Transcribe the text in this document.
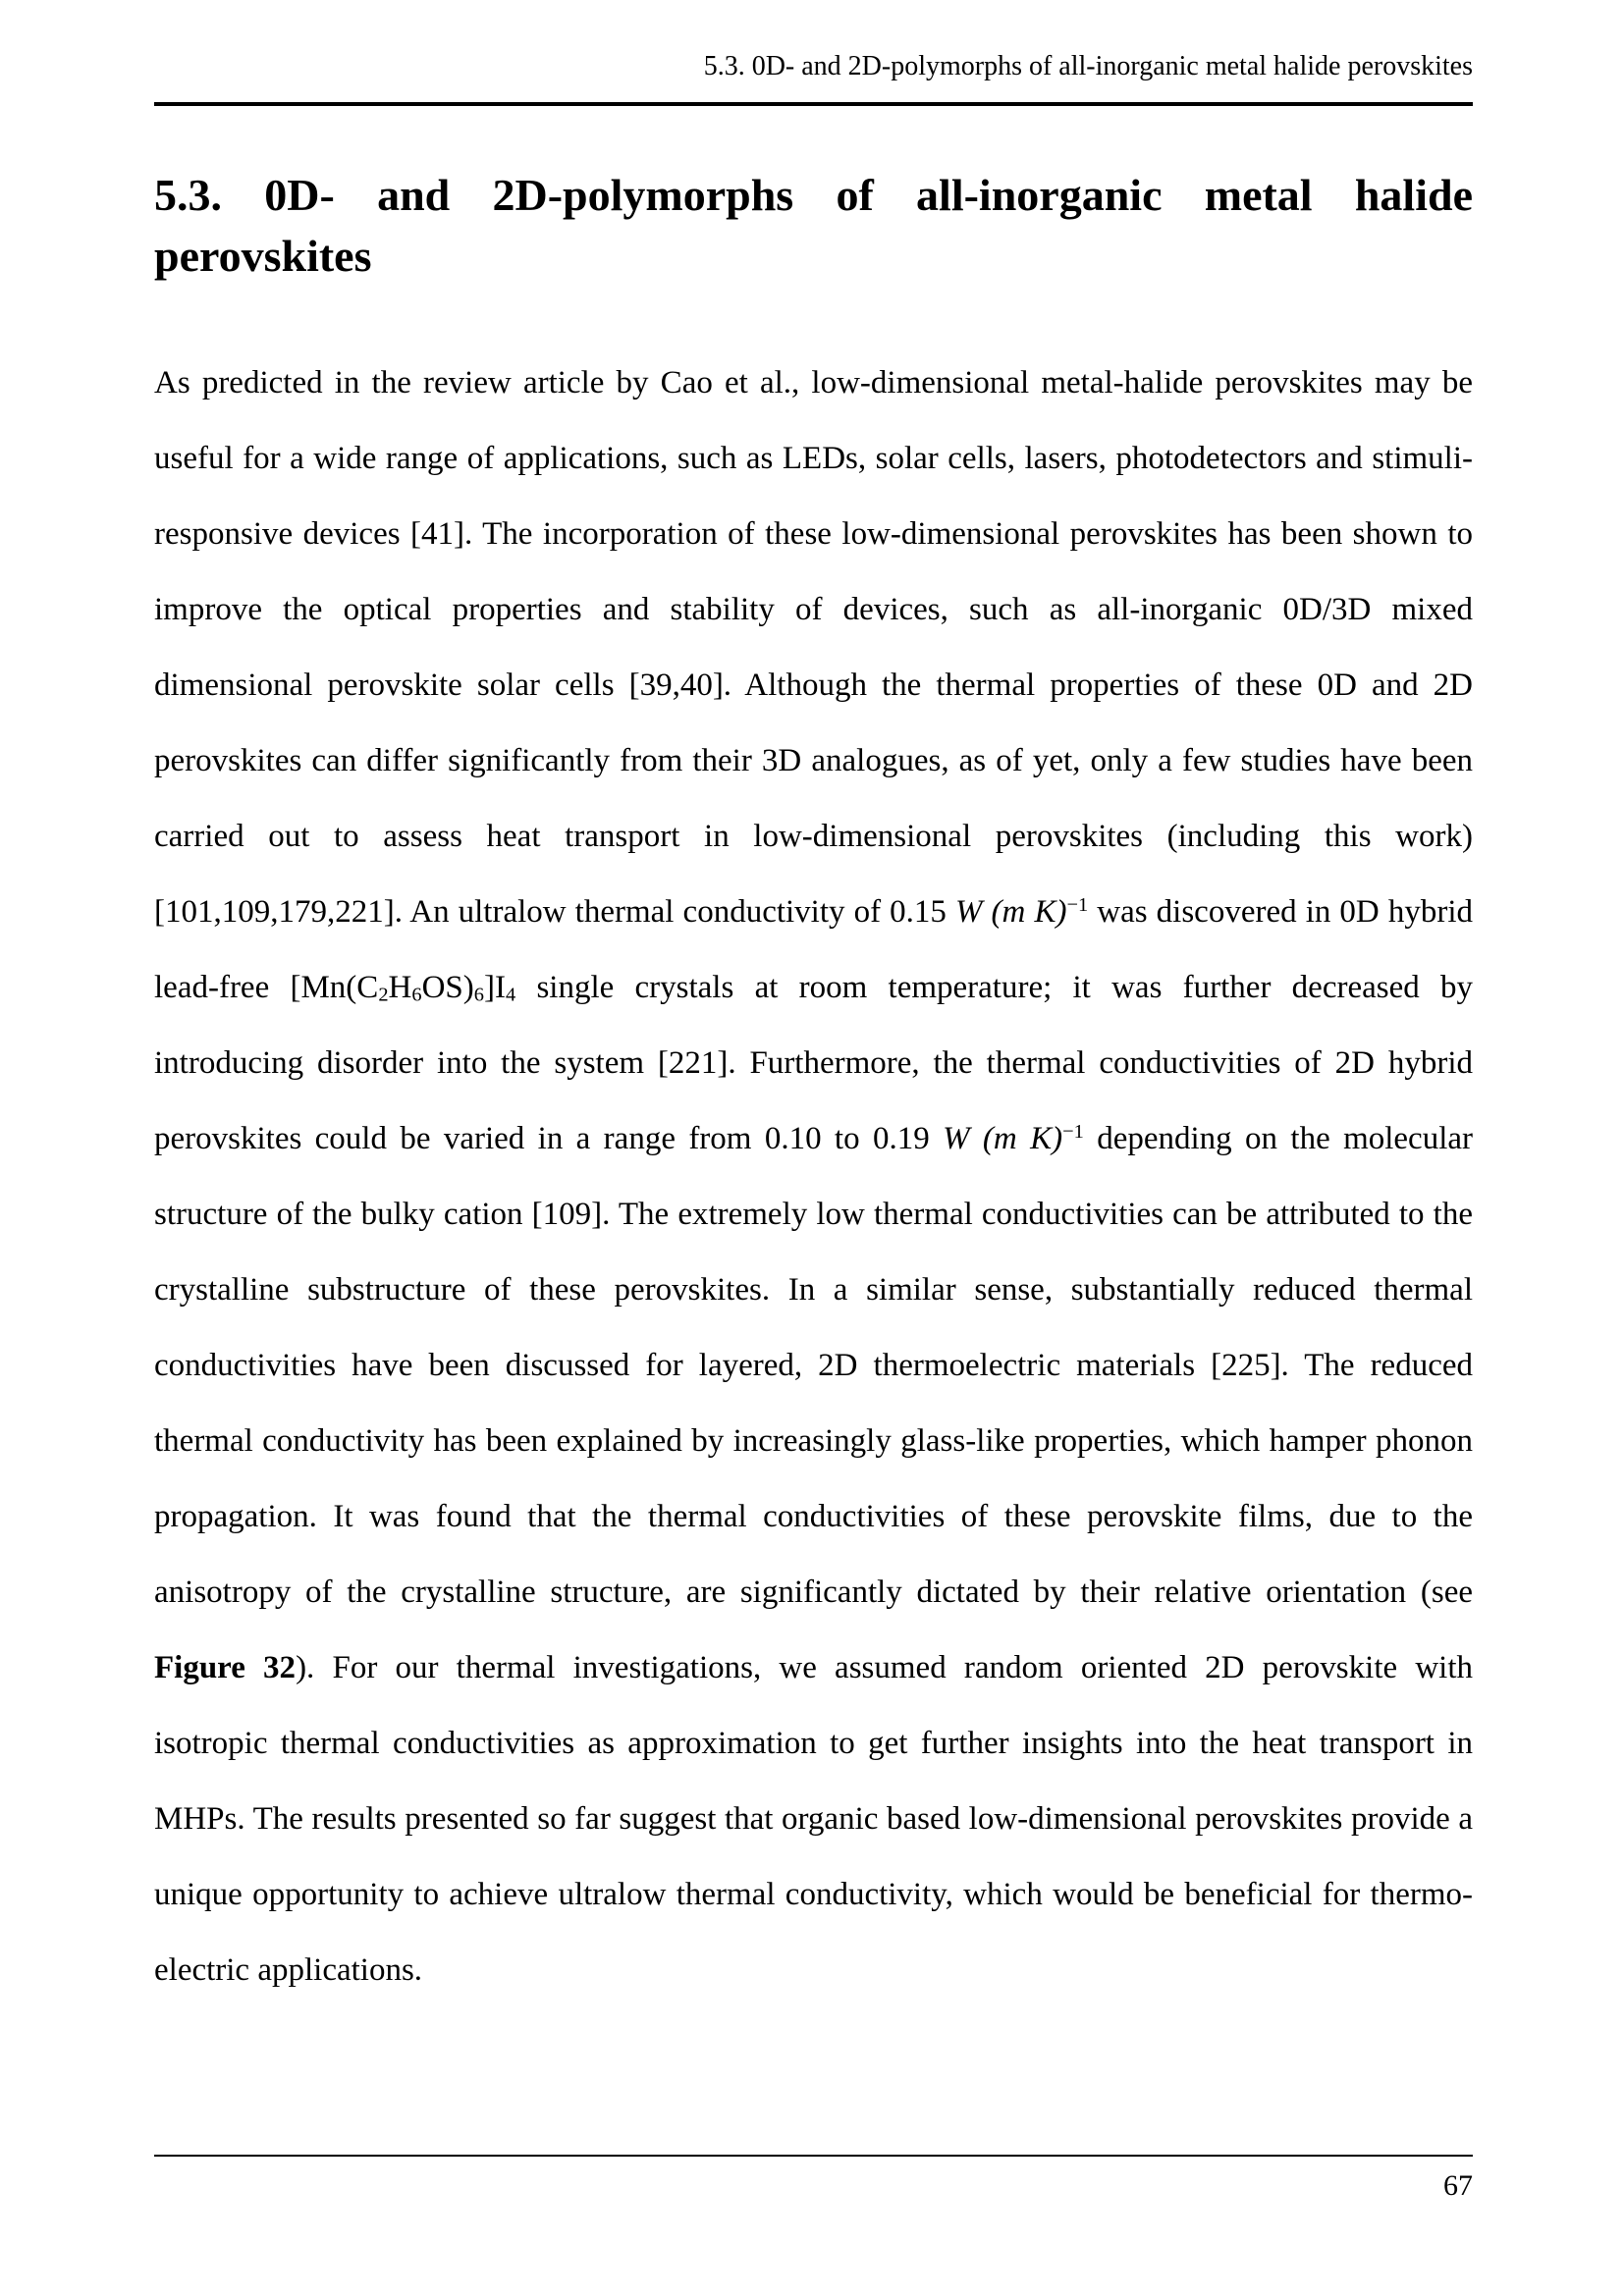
5.3. 0D- and 2D-polymorphs of all-inorganic metal halide perovskites
5.3. 0D- and 2D-polymorphs of all-inorganic metal halide perovskites

As predicted in the review article by Cao et al., low-dimensional metal-halide perovskites may be useful for a wide range of applications, such as LEDs, solar cells, lasers, photodetectors and stimuli-responsive devices [41]. The incorporation of these low-dimensional perovskites has been shown to improve the optical properties and stability of devices, such as all-inorganic 0D/3D mixed dimensional perovskite solar cells [39,40]. Although the thermal properties of these 0D and 2D perovskites can differ significantly from their 3D analogues, as of yet, only a few studies have been carried out to assess heat transport in low-dimensional perovskites (including this work) [101,109,179,221]. An ultralow thermal conductivity of 0.15 W (m K)$^{-1}$ was discovered in 0D hybrid lead-free [Mn(C2H6OS)6]I4 single crystals at room temperature; it was further decreased by introducing disorder into the system [221]. Furthermore, the thermal conductivities of 2D hybrid perovskites could be varied in a range from 0.10 to 0.19 W (m K)$^{-1}$ depending on the molecular structure of the bulky cation [109]. The extremely low thermal conductivities can be attributed to the crystalline substructure of these perovskites. In a similar sense, substantially reduced thermal conductivities have been discussed for layered, 2D thermoelectric materials [225]. The reduced thermal conductivity has been explained by increasingly glass-like properties, which hamper phonon propagation. It was found that the thermal conductivities of these perovskite films, due to the anisotropy of the crystalline structure, are significantly dictated by their relative orientation (see Figure 32). For our thermal investigations, we assumed random oriented 2D perovskite with isotropic thermal conductivities as approximation to get further insights into the heat transport in MHPs. The results presented so far suggest that organic based low-dimensional perovskites provide a unique opportunity to achieve ultralow thermal conductivity, which would be beneficial for thermo-electric applications.

67
